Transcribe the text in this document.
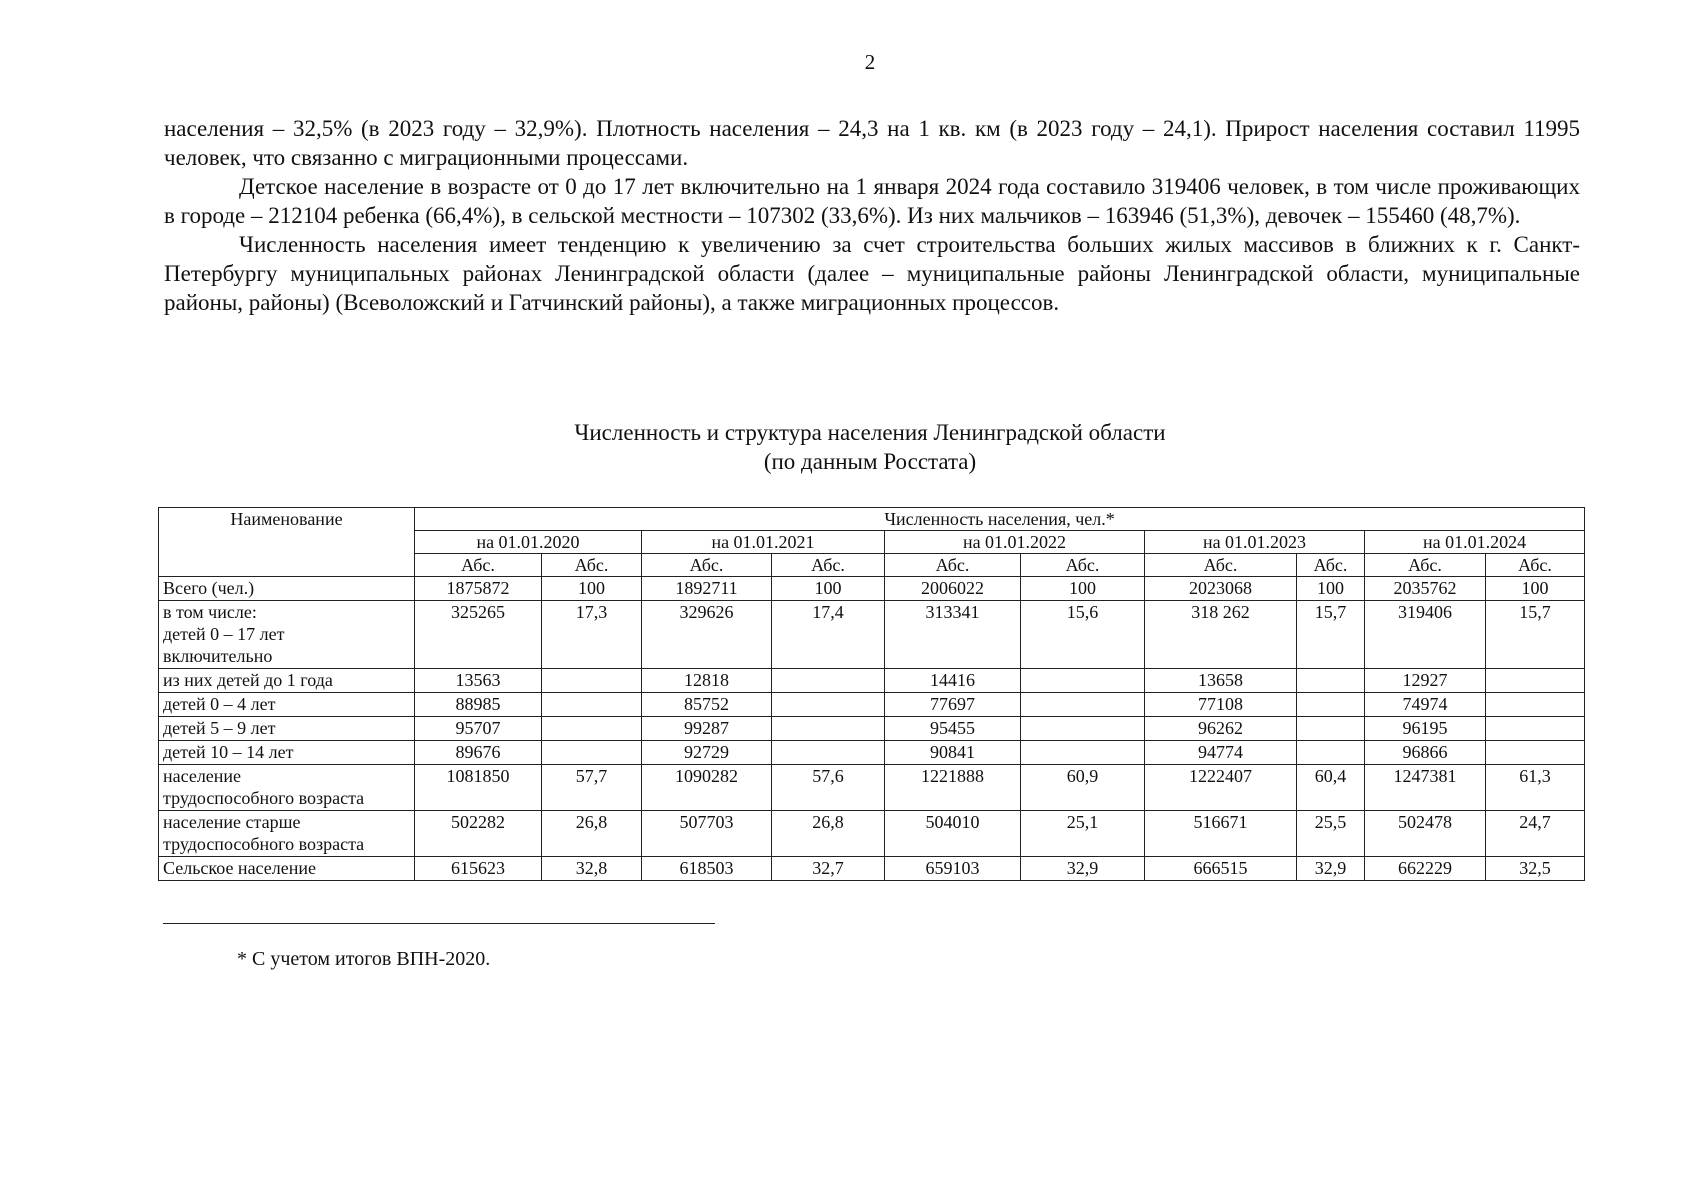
2

населения – 32,5% (в 2023 году – 32,9%). Плотность населения – 24,3 на 1 кв. км (в 2023 году – 24,1). Прирост населения составил 11995 человек, что связанно с миграционными процессами.

Детское население в возрасте от 0 до 17 лет включительно на 1 января 2024 года составило 319406 человек, в том числе проживающих в городе – 212104 ребенка (66,4%), в сельской местности – 107302 (33,6%). Из них мальчиков – 163946 (51,3%), девочек – 155460 (48,7%).

Численность населения имеет тенденцию к увеличению за счет строительства больших жилых массивов в ближних к г. Санкт-Петербургу муниципальных районах Ленинградской области (далее – муниципальные районы Ленинградской области, муниципальные районы, районы) (Всеволожский и Гатчинский районы), а также миграционных процессов.

Численность и структура населения Ленинградской области
(по данным Росстата)
Наименование	Численность населения, чел.*									
	на 01.01.2020		на 01.01.2021		на 01.01.2022		на 01.01.2023		на 01.01.2024	
	Абс.	Абс.	Абс.	Абс.	Абс.	Абс.	Абс.	Абс.	Абс.	Абс.
Всего (чел.)	1875872	100	1892711	100	2006022	100	2023068	100	2035762	100
в том числе:
детей 0 – 17 лет
включительно	325265	17,3	329626	17,4	313341	15,6	318 262	15,7	319406	15,7
из них детей до 1 года	13563		12818		14416		13658		12927	
детей 0 – 4 лет	88985		85752		77697		77108		74974	
детей 5 – 9 лет	95707		99287		95455		96262		96195	
детей 10 – 14 лет	89676		92729		90841		94774		96866	
население
трудоспособного возраста	1081850	57,7	1090282	57,6	1221888	60,9	1222407	60,4	1247381	61,3
население старше
трудоспособного возраста	502282	26,8	507703	26,8	504010	25,1	516671	25,5	502478	24,7
Сельское население	615623	32,8	618503	32,7	659103	32,9	666515	32,9	662229	32,5
* С учетом итогов ВПН-2020.
